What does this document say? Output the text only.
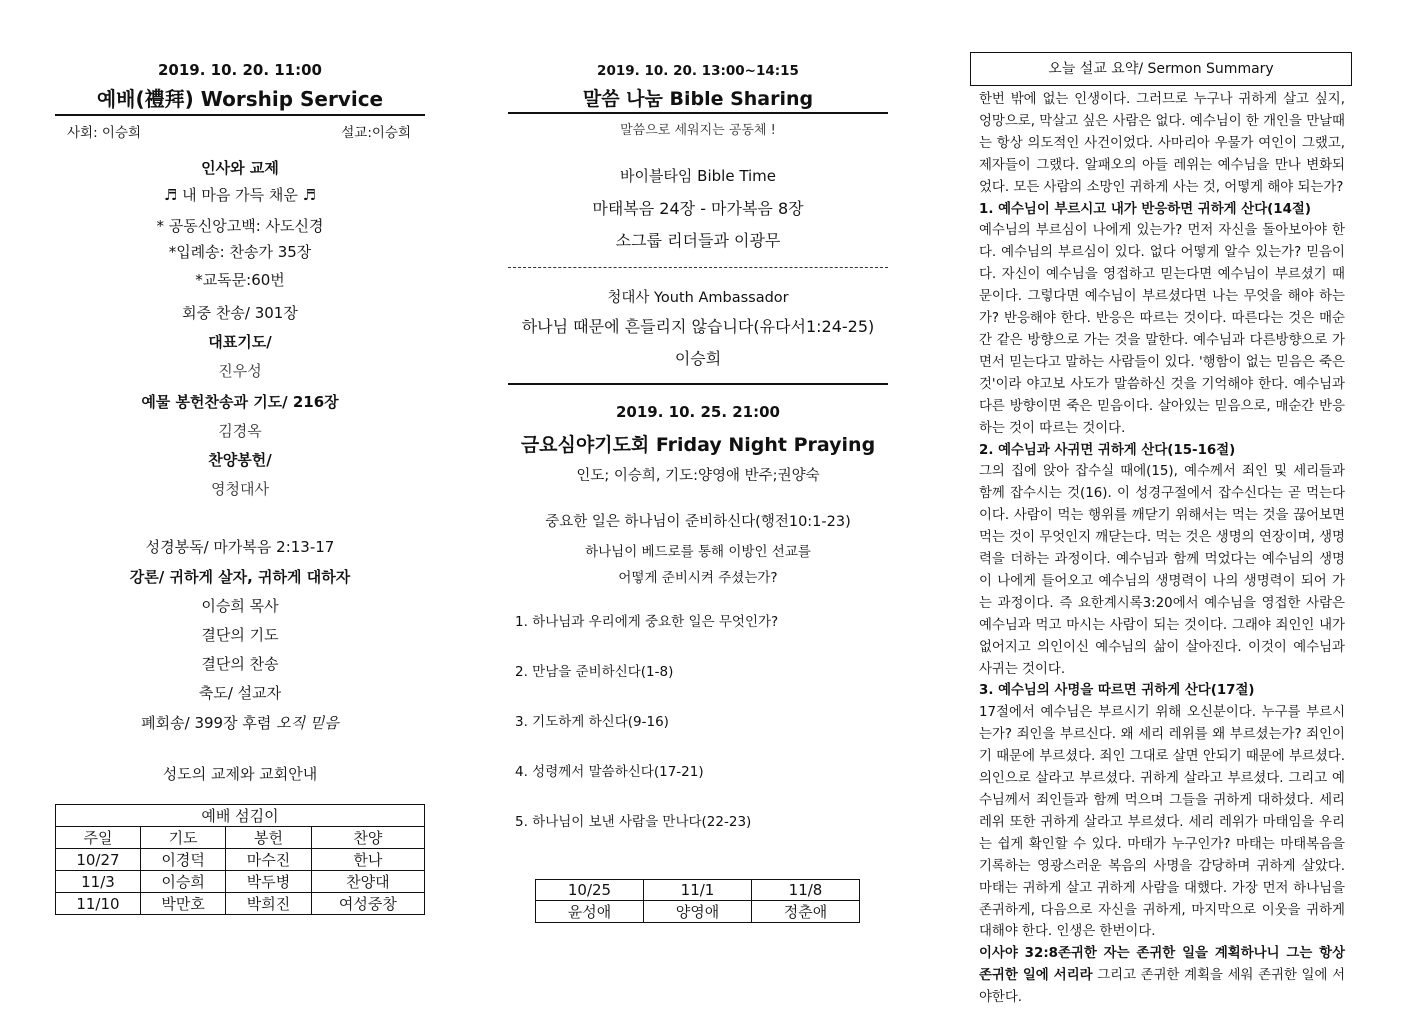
2019. 10. 20. 11:00
예배(禮拜) Worship Service
사회: 이승희	설교:이승희
인사와 교제
♬ 내 마음 가득 채운 ♬
* 공동신앙고백: 사도신경
*입례송: 찬송가 35장
*교독문:60번
회중 찬송/ 301장
대표기도/
진우성
예물 봉헌찬송과 기도/ 216장
김경옥
찬양봉헌/
영청대사
성경봉독/ 마가복음 2:13-17
강론/ 귀하게 살자, 귀하게 대하자
이승희 목사
결단의 기도
결단의 찬송
축도/ 설교자
폐회송/ 399장 후렴 오직 믿음
성도의 교제와 교회안내
예배 섬김이			
주일	기도	봉헌	찬양
10/27	이경덕	마수진	한나
11/3	이승희	박두병	찬양대
11/10	박만호	박희진	여성중창
2019. 10. 20. 13:00~14:15
말씀 나눔 Bible Sharing
말씀으로 세워지는 공동체 !
바이블타임 Bible Time
마태복음 24장 - 마가복음 8장
소그룹 리더들과 이광무
청대사 Youth Ambassador
하나님 때문에 흔들리지 않습니다(유다서1:24-25)
이승희
2019. 10. 25. 21:00
금요심야기도회 Friday Night Praying
인도; 이승희, 기도:양영애 반주;권양숙
중요한 일은 하나님이 준비하신다(행전10:1-23)
하나님이 베드로를 통해 이방인 선교를
어떻게 준비시켜 주셨는가?
1. 하나님과 우리에게 중요한 일은 무엇인가?
2. 만남을 준비하신다(1-8)
3. 기도하게 하신다(9-16)
4. 성령께서 말씀하신다(17-21)
5. 하나님이 보낸 사람을 만나다(22-23)
10/25	11/1	11/8
윤성애	양영애	정춘애
오늘 설교 요약/ Sermon Summary

한번 밖에 없는 인생이다. 그러므로 누구나 귀하게 살고 싶지, 엉망으로, 막살고 싶은 사람은 없다. 예수님이 한 개인을 만날때는 항상 의도적인 사건이었다. 사마리아 우물가 여인이 그랬고, 제자들이 그랬다. 알패오의 아들 레위는 예수님을 만나 변화되었다. 모든 사람의 소망인 귀하게 사는 것, 어떻게 해야 되는가?

1. 예수님이 부르시고 내가 반응하면 귀하게 산다(14절)

예수님의 부르심이 나에게 있는가? 먼저 자신을 돌아보아야 한다. 예수님의 부르심이 있다. 없다 어떻게 알수 있는가? 믿음이다. 자신이 예수님을 영접하고 믿는다면 예수님이 부르셨기 때문이다. 그렇다면 예수님이 부르셨다면 나는 무엇을 해야 하는가? 반응해야 한다. 반응은 따르는 것이다. 따른다는 것은 매순간 같은 방향으로 가는 것을 말한다. 예수님과 다른방향으로 가면서 믿는다고 말하는 사람들이 있다. '행함이 없는 믿음은 죽은 것'이라 야고보 사도가 말씀하신 것을 기억해야 한다. 예수님과 다른 방향이면 죽은 믿음이다. 살아있는 믿음으로, 매순간 반응하는 것이 따르는 것이다.

2. 예수님과 사귀면 귀하게 산다(15-16절)

그의 집에 앉아 잡수실 때에(15), 예수께서 죄인 및 세리들과 함께 잡수시는 것(16). 이 성경구절에서 잡수신다는 곧 먹는다이다. 사람이 먹는 행위를 깨닫기 위해서는 먹는 것을 끊어보면 먹는 것이 무엇인지 깨닫는다. 먹는 것은 생명의 연장이며, 생명력을 더하는 과정이다. 예수님과 함께 먹었다는 예수님의 생명이 나에게 들어오고 예수님의 생명력이 나의 생명력이 되어 가는 과정이다. 즉 요한계시록3:20에서 예수님을 영접한 사람은 예수님과 먹고 마시는 사람이 되는 것이다. 그래야 죄인인 내가 없어지고 의인이신 예수님의 삶이 살아진다. 이것이 예수님과 사귀는 것이다.

3. 예수님의 사명을 따르면 귀하게 산다(17절)

17절에서 예수님은 부르시기 위해 오신분이다. 누구를 부르시는가? 죄인을 부르신다. 왜 세리 레위를 왜 부르셨는가? 죄인이기 때문에 부르셨다. 죄인 그대로 살면 안되기 때문에 부르셨다. 의인으로 살라고 부르셨다. 귀하게 살라고 부르셨다. 그리고 예수님께서 죄인들과 함께 먹으며 그들을 귀하게 대하셨다. 세리 레위 또한 귀하게 살라고 부르셨다. 세리 레위가 마태임을 우리는 쉽게 확인할 수 있다. 마태가 누구인가? 마태는 마태복음을 기록하는 영광스러운 복음의 사명을 감당하며 귀하게 살았다. 마태는 귀하게 살고 귀하게 사람을 대했다. 가장 먼저 하나님을 존귀하게, 다음으로 자신을 귀하게, 마지막으로 이웃을 귀하게 대해야 한다. 인생은 한번이다.

이사야 32:8존귀한 자는 존귀한 일을 계획하나니 그는 항상 존귀한 일에 서리라 그리고 존귀한 계획을 세워 존귀한 일에 서야한다.
